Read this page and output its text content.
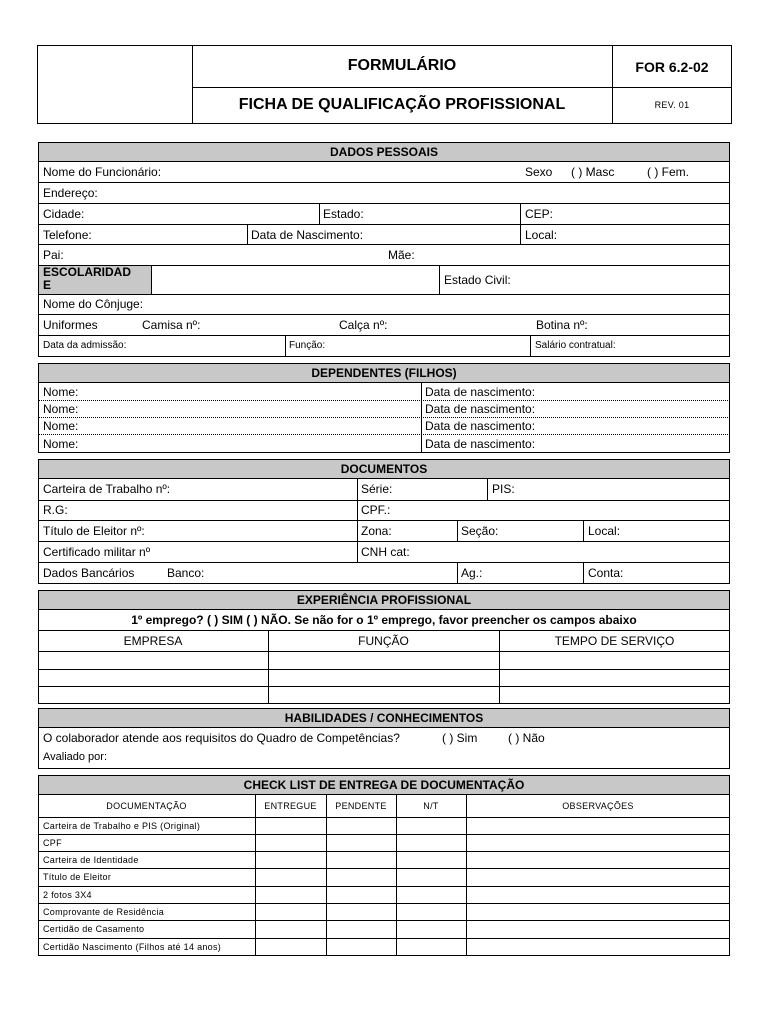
FORMULÁRIO	FOR 6.2-02
FICHA DE QUALIFICAÇÃO PROFISSIONAL	REV. 01
DADOS PESSOAIS
Nome do Funcionário:	Sexo ( ) Masc	( ) Fem.
Endereço:
Cidade:	Estado:	CEP:
Telefone:	Data de Nascimento:	Local:
Pai:	Mãe:
ESCOLARIDAD
E	Estado Civil:
Nome do Cônjuge:
Uniformes	Camisa nº:	Calça nº:	Botina nº:
Data da admissão:	Função:	Salário contratual:
DEPENDENTES (FILHOS)
Nome:	Data de nascimento:
Nome:	Data de nascimento:
Nome:	Data de nascimento:
Nome:	Data de nascimento:
DOCUMENTOS
Carteira de Trabalho nº:	Série:	PIS:
R.G:	CPF.:
Título de Eleitor nº:	Zona:	Seção:	Local:
Certificado militar nº	CNH cat:
Dados Bancários	Banco:	Ag.:	Conta:
EXPERIÊNCIA PROFISSIONAL
1º emprego? ( ) SIM ( ) NÃO. Se não for o 1º emprego, favor preencher os campos abaixo
EMPRESA	FUNÇÃO	TEMPO DE SERVIÇO
HABILIDADES / CONHECIMENTOS
O colaborador atende aos requisitos do Quadro de Competências?	( ) Sim	( ) Não
Avaliado por:
CHECK LIST DE ENTREGA DE DOCUMENTAÇÃO
DOCUMENTAÇÃO	ENTREGUE	PENDENTE	N/T	OBSERVAÇÕES
Carteira de Trabalho e PIS (Original)
CPF
Carteira de Identidade
Título de Eleitor
2 fotos 3X4
Comprovante de Residência
Certidão de Casamento
Certidão Nascimento (Filhos até 14 anos)
